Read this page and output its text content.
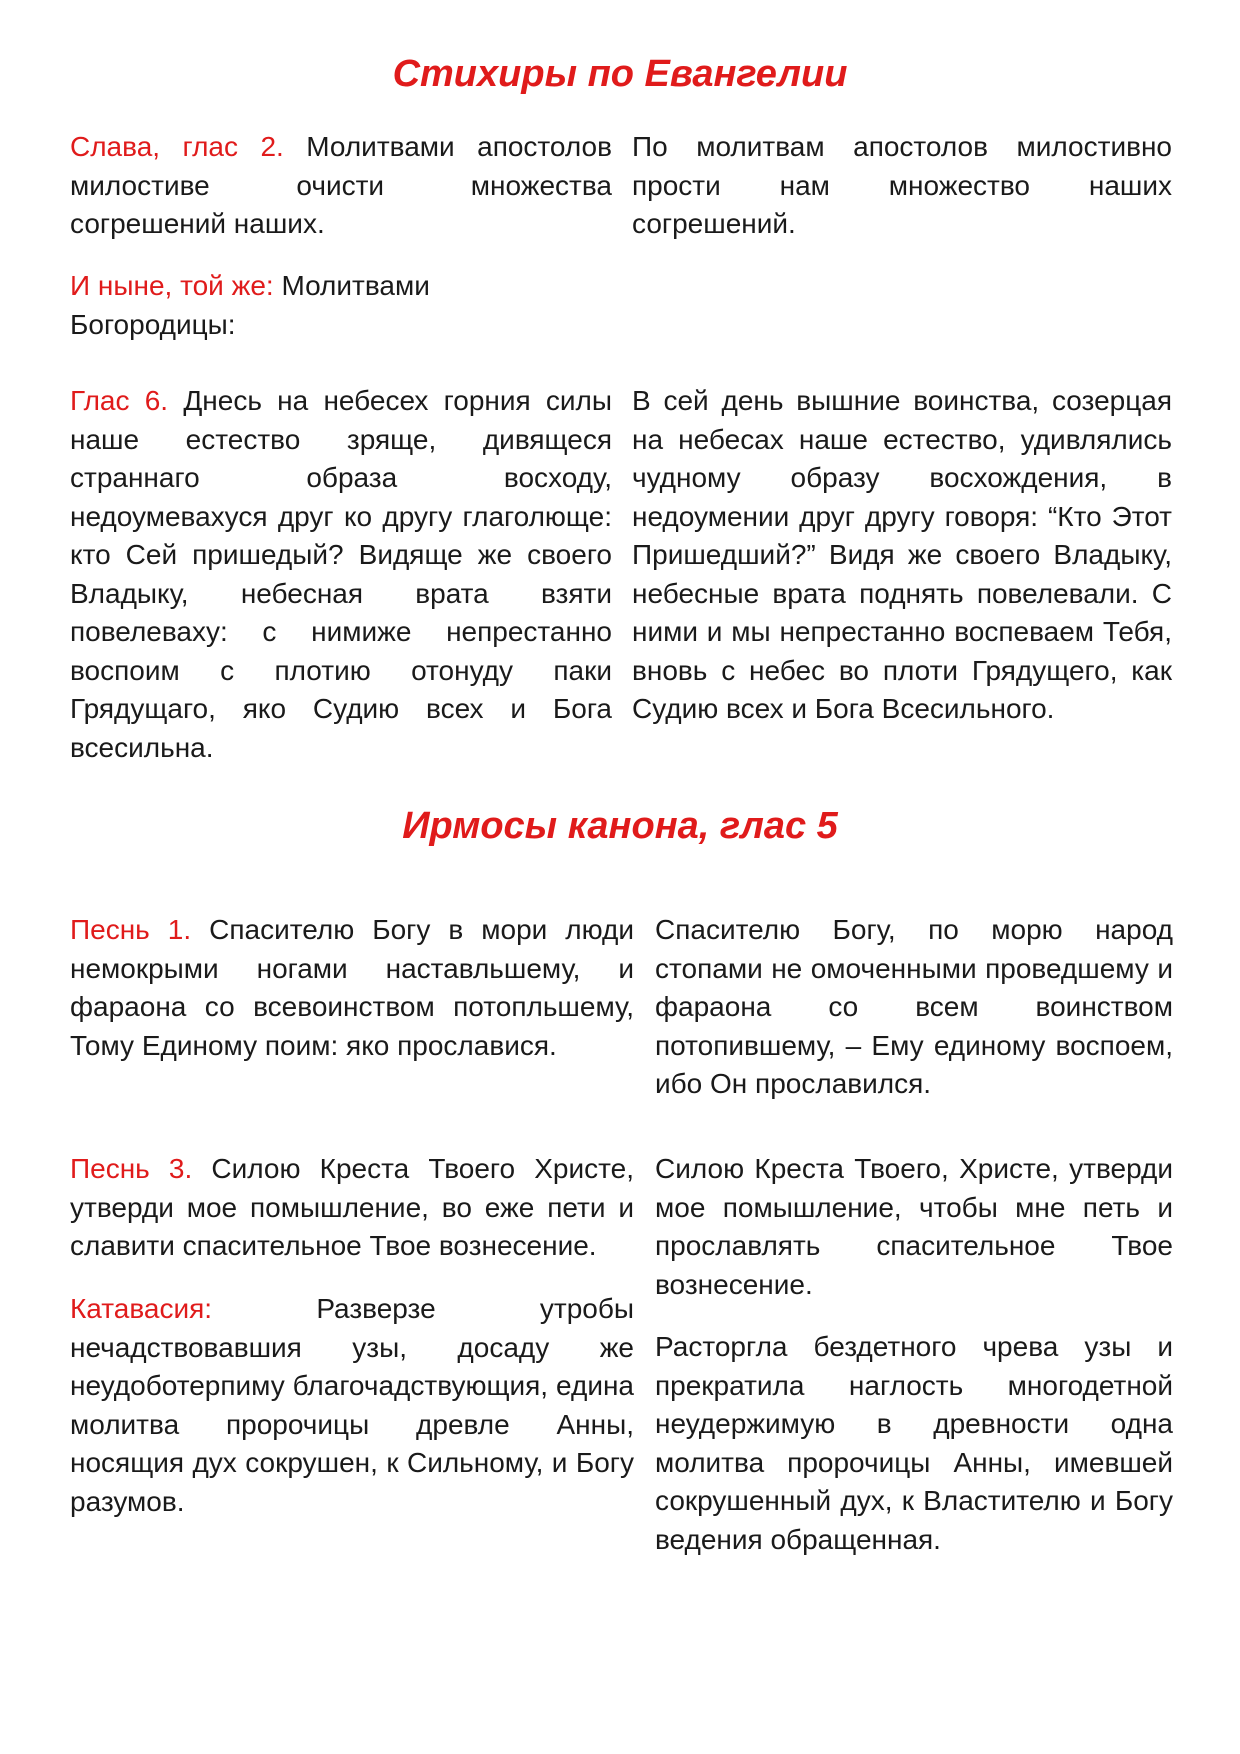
Стихиры по Евангелии

Слава, глас 2. Молитвами апостолов милостиве очисти множества согрешений наших.

По молитвам апостолов милостивно прости нам множество наших согрешений.

И ныне, той же: Молитвами Богородицы:

Глас 6. Днесь на небесех горния силы наше естество зряще, дивящеся страннаго образа восходу, недоумевахуся друг ко другу глаголюще: кто Сей пришедый? Видяще же своего Владыку, небесная врата взяти повелеваху: с нимиже непрестанно воспоим с плотию отонуду паки Грядущаго, яко Судию всех и Бога всесильна.

В сей день вышние воинства, созерцая на небесах наше естество, удивлялись чудному образу восхождения, в недоумении друг другу говоря: “Кто Этот Пришедший?” Видя же своего Владыку, небесные врата поднять повелевали. С ними и мы непрестанно воспеваем Тебя, вновь с небес во плоти Грядущего, как Судию всех и Бога Всесильного.

Ирмосы канона, глас 5

Песнь 1. Спасителю Богу в мори люди немокрыми ногами наставльшему, и фараона со всевоинством потопльшему, Тому Единому поим: яко прославися.

Спасителю Богу, по морю народ стопами не омоченными проведшему и фараона со всем воинством потопившему, – Ему единому воспоем, ибо Он прославился.

Песнь 3. Силою Креста Твоего Христе, утверди мое помышление, во еже пети и славити спасительное Твое вознесение.

Силою Креста Твоего, Христе, утверди мое помышление, чтобы мне петь и прославлять спасительное Твое вознесение.

Катавасия:	Разверзе утробы нечадствовавшия узы, досаду же неудоботерпиму благочадствующия, едина молитва пророчицы древле Анны, носящия дух сокрушен, к Сильному, и Богу разумов.

Расторгла бездетного чрева узы и прекратила наглость многодетной неудержимую в древности одна молитва пророчицы Анны, имевшей сокрушенный дух, к Властителю и Богу ведения обращенная.
